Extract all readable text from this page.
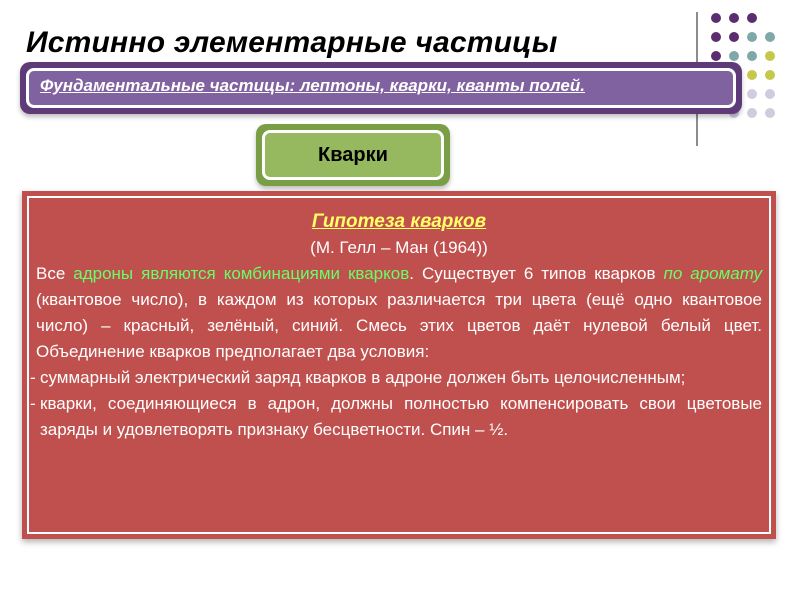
Истинно элементарные частицы
Фундаментальные частицы: лептоны, кварки, кванты полей.
Кварки
Гипотеза кварков
(М. Гелл – Ман (1964))
Все адроны являются комбинациями кварков. Существует 6 типов кварков по аромату (квантовое число), в каждом из которых различается три цвета (ещё одно квантовое число) – красный, зелёный, синий. Смесь этих цветов даёт нулевой белый цвет. Объединение кварков предполагает два условия:
- суммарный электрический заряд кварков в адроне должен быть целочисленным;
- кварки, соединяющиеся в адрон, должны полностью компенсировать свои цветовые заряды и удовлетворять признаку бесцветности. Спин – ½.
